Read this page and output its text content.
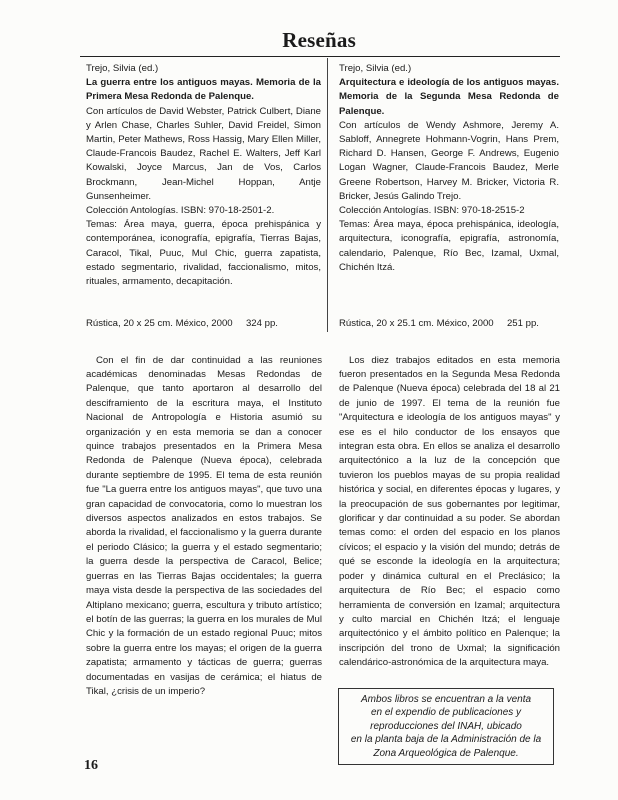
Reseñas

Trejo, Silvia (ed.)

La guerra entre los antiguos mayas. Memoria de la Primera Mesa Redonda de Palenque.

Con artículos de David Webster, Patrick Culbert, Diane y Arlen Chase, Charles Suhler, David Freidel, Simon Martin, Peter Mathews, Ross Hassig, Mary Ellen Miller, Claude-Francois Baudez, Rachel E. Walters, Jeff Karl Kowalski, Joyce Marcus, Jan de Vos, Carlos Brockmann, Jean-Michel Hoppan, Antje Gunsenheimer.

Colección Antologías. ISBN: 970-18-2501-2.

Temas: Área maya, guerra, época prehispánica y contemporánea, iconografía, epigrafía, Tierras Bajas, Caracol, Tikal, Puuc, Mul Chic, guerra zapatista, estado segmentario, rivalidad, faccionalismo, mitos, rituales, armamento, decapitación.

Trejo, Silvia (ed.)

Arquitectura e ideología de los antiguos mayas. Memoria de la Segunda Mesa Redonda de Palenque.

Con artículos de Wendy Ashmore, Jeremy A. Sabloff, Annegrete Hohmann-Vogrin, Hans Prem, Richard D. Hansen, George F. Andrews, Eugenio Logan Wagner, Claude-Francois Baudez, Merle Greene Robertson, Harvey M. Bricker, Victoria R. Bricker, Jesús Galindo Trejo.

Colección Antologías. ISBN: 970-18-2515-2

Temas: Área maya, época prehispánica, ideología, arquitectura, iconografía, epigrafía, astronomía, calendario, Palenque, Río Bec, Izamal, Uxmal, Chichén Itzá.

Rústica, 20 x 25 cm. México, 2000     324 pp.	Rústica, 20 x 25.1 cm. México, 2000     251 pp.

Con el fin de dar continuidad a las reuniones académicas denominadas Mesas Redondas de Palenque, que tanto aportaron al desarrollo del desciframiento de la escritura maya, el Instituto Nacional de Antropología e Historia asumió su organización y en esta memoria se dan a conocer quince trabajos presentados en la Primera Mesa Redonda de Palenque (Nueva época), celebrada durante septiembre de 1995. El tema de esta reunión fue "La guerra entre los antiguos mayas", que tuvo una gran capacidad de convocatoria, como lo muestran los diversos aspectos analizados en estos trabajos. Se aborda la rivalidad, el faccionalismo y la guerra durante el periodo Clásico; la guerra y el estado segmentario; la guerra desde la perspectiva de Caracol, Belice; guerras en las Tierras Bajas occidentales; la guerra maya vista desde la perspectiva de las sociedades del Altiplano mexicano; guerra, escultura y tributo artístico; el botín de las guerras; la guerra en los murales de Mul Chic y la formación de un estado regional Puuc; mitos sobre la guerra entre los mayas; el origen de la guerra zapatista; armamento y tácticas de guerra; guerras documentadas en vasijas de cerámica; el hiatus de Tikal, ¿crisis de un imperio?

Los diez trabajos editados en esta memoria fueron presentados en la Segunda Mesa Redonda de Palenque (Nueva época) celebrada del 18 al 21 de junio de 1997. El tema de la reunión fue "Arquitectura e ideología de los antiguos mayas" y ese es el hilo conductor de los ensayos que integran esta obra. En ellos se analiza el desarrollo arquitectónico a la luz de la concepción que tuvieron los pueblos mayas de su propia realidad histórica y social, en diferentes épocas y lugares, y la preocupación de sus gobernantes por legitimar, glorificar y dar continuidad a su poder. Se abordan temas como: el orden del espacio en los planos cívicos; el espacio y la visión del mundo; detrás de qué se esconde la ideología en la arquitectura; poder y dinámica cultural en el Preclásico; la arquitectura de Río Bec; el espacio como herramienta de conversión en Izamal; arquitectura y culto marcial en Chichén Itzá; el lenguaje arquitectónico y el ámbito político en Palenque; la inscripción del trono de Uxmal; la significación calendárico-astronómica de la arquitectura maya.

Ambos libros se encuentran a la venta
en el expendio de publicaciones y
reproducciones del INAH, ubicado
en la planta baja de la Administración de la
Zona Arqueológica de Palenque.
16
